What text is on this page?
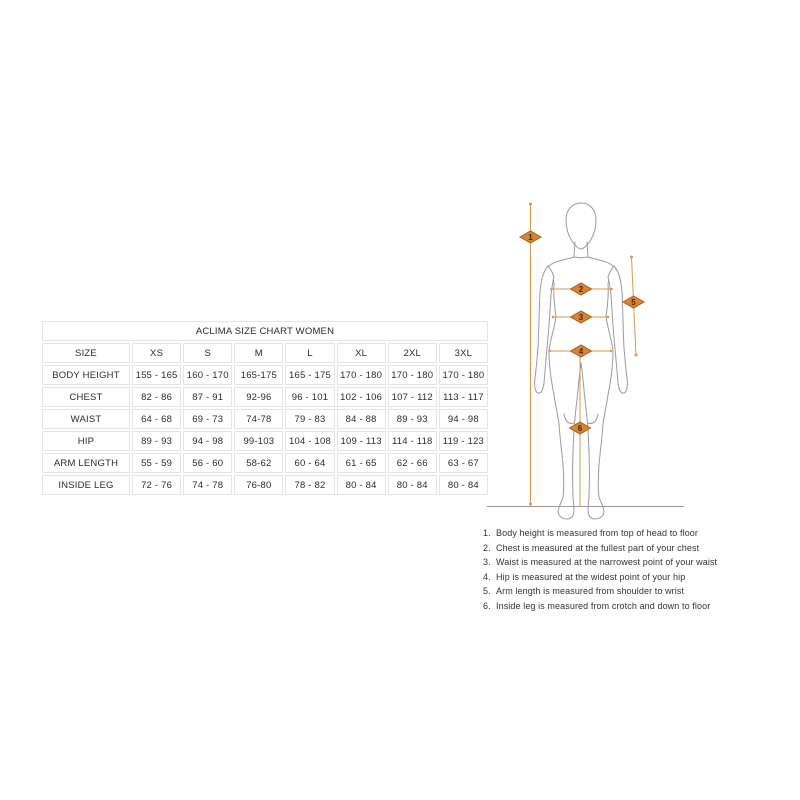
ACLIMA SIZE CHART WOMEN							
SIZE	XS	S	M	L	XL	2XL	3XL
BODY HEIGHT	155 - 165	160 - 170	165-175	165 - 175	170 - 180	170 - 180	170 - 180
CHEST	82 - 86	87 - 91	92-96	96 - 101	102 - 106	107 - 112	113 - 117
WAIST	64 - 68	69 - 73	74-78	79 - 83	84 - 88	89 - 93	94 - 98
HIP	89 - 93	94 - 98	99-103	104 - 108	109 - 113	114 - 118	119 - 123
ARM LENGTH	55 - 59	56 - 60	58-62	60 - 64	61 - 65	62 - 66	63 - 67
INSIDE LEG	72 - 76	74 - 78	76-80	78 - 82	80 - 84	80 - 84	80 - 84
1
2
3
4
5
6
1. Body height is measured from top of head to floor
2. Chest is measured at the fullest part of your chest
3. Waist is measured at the narrowest point of your waist
4. Hip is measured at the widest point of your hip
5. Arm length is measured from shoulder to wrist
6. Inside leg is measured from crotch and down to floor
